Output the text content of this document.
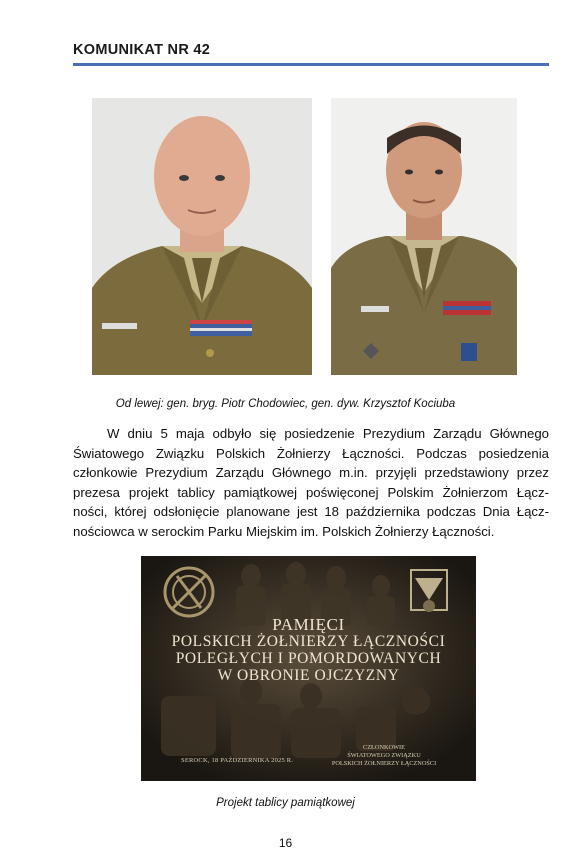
KOMUNIKAT NR 42
Od lewej: gen. bryg. Piotr Chodowiec, gen. dyw. Krzysztof Kociuba
W dniu 5 maja odbyło się posiedzenie Prezydium Zarządu Głównego
Światowego Związku Polskich Żołnierzy Łączności. Podczas posiedzenia
członkowie Prezydium Zarządu Głównego m.in. przyjęli przedstawiony przez
prezesa projekt tablicy pamiątkowej poświęconej Polskim Żołnierzom Łącz-
ności, której odsłonięcie planowane jest 18 października podczas Dnia Łącz-
nościowca w serockim Parku Miejskim im. Polskich Żołnierzy Łączności.
PAMIĘCI
POLSKICH ŻOŁNIERZY ŁĄCZNOŚCI
POLEGŁYCH I POMORDOWANYCH
W OBRONIE OJCZYZNY
SEROCK, 18 PAŹDZIERNIKA 2025 R.
CZŁONKOWIE
ŚWIATOWEGO ZWIĄZKU
POLSKICH ŻOŁNIERZY ŁĄCZNOŚCI
Projekt tablicy pamiątkowej
16
